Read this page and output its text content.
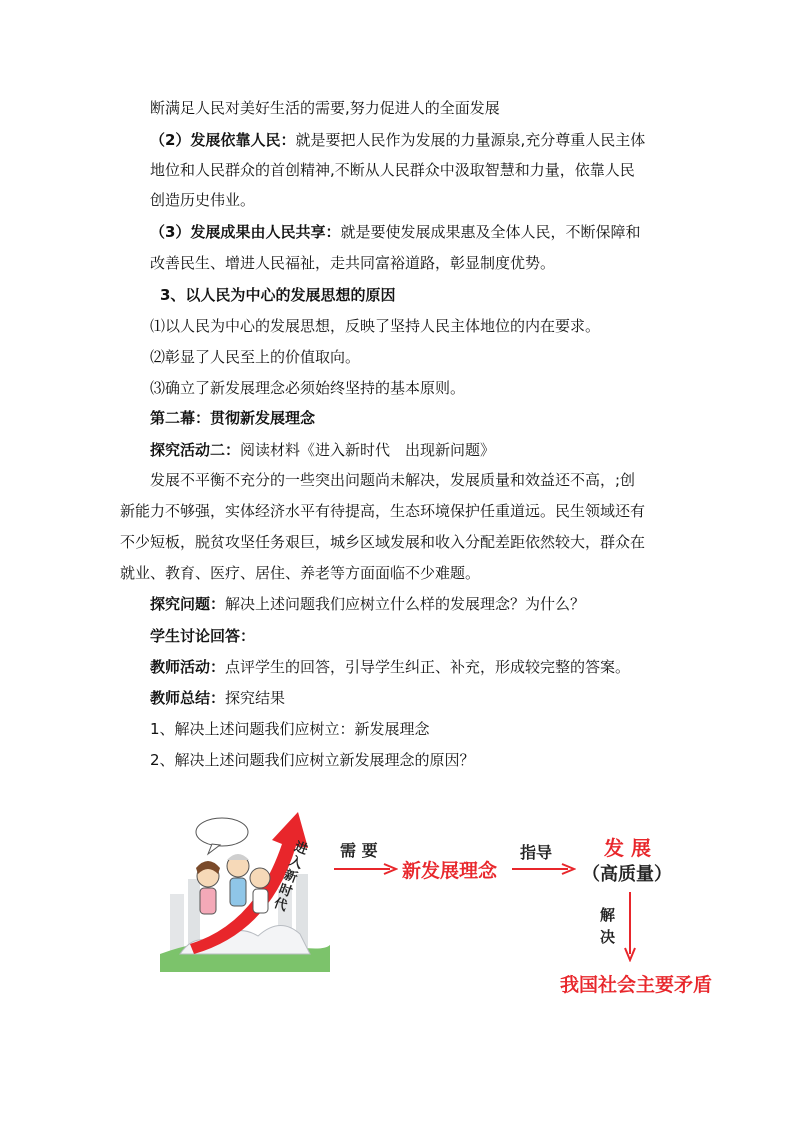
断满足人民对美好生活的需要,努力促进人的全面发展
（2）发展依靠人民：就是要把人民作为发展的力量源泉,充分尊重人民主体
地位和人民群众的首创精神,不断从人民群众中汲取智慧和力量，依靠人民
创造历史伟业。
（3）发展成果由人民共享：就是要使发展成果惠及全体人民，不断保障和
改善民生、增进人民福祉，走共同富裕道路，彰显制度优势。
3、以人民为中心的发展思想的原因
⑴以人民为中心的发展思想，反映了坚持人民主体地位的内在要求。
⑵彰显了人民至上的价值取向。
⑶确立了新发展理念必须始终坚持的基本原则。
第二幕：贯彻新发展理念
探究活动二：阅读材料《进入新时代　出现新问题》
发展不平衡不充分的一些突出问题尚未解决，发展质量和效益还不高，;创
新能力不够强，实体经济水平有待提高，生态环境保护任重道远。民生领域还有
不少短板，脱贫攻坚任务艰巨，城乡区域发展和收入分配差距依然较大，群众在
就业、教育、医疗、居住、养老等方面面临不少难题。
探究问题：解决上述问题我们应树立什么样的发展理念？为什么？
学生讨论回答：
教师活动：点评学生的回答，引导学生纠正、补充，形成较完整的答案。
教师总结：探究结果
1、解决上述问题我们应树立：新发展理念
2、解决上述问题我们应树立新发展理念的原因？
进入新时代
需 要
新发展理念
指导	发 展
（高质量）
解决
我国社会主要矛盾
